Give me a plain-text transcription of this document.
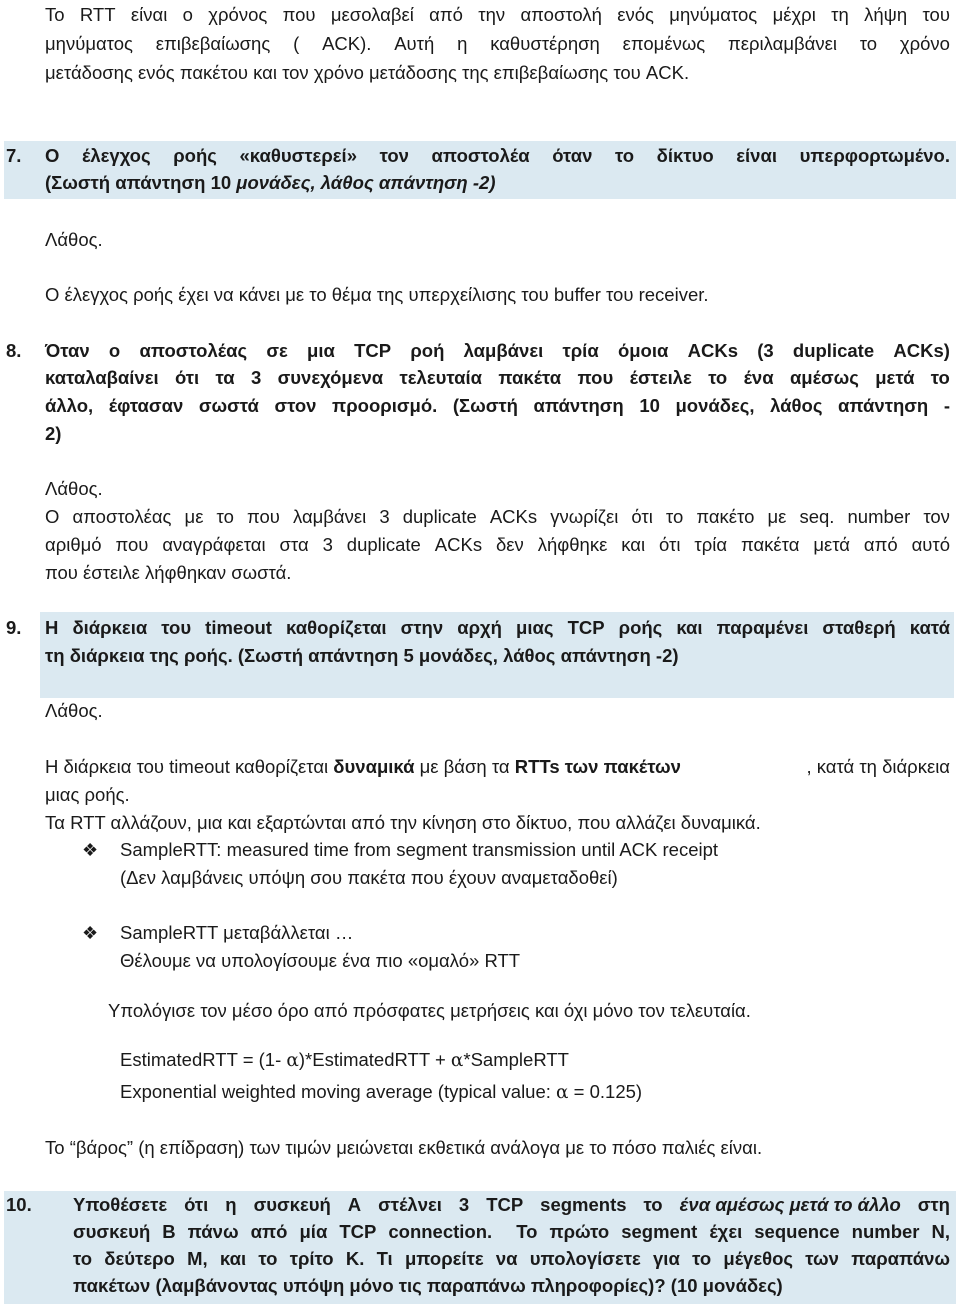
Το RTT είναι ο χρόνος που μεσολαβεί από την αποστολή ενός μηνύματος μέχρι τη λήψη του
μηνύματος επιβεβαίωσης ( ACK). Αυτή η καθυστέρηση επομένως περιλαμβάνει το χρόνο
μετάδοσης ενός πακέτου και τον χρόνο μετάδοσης της επιβεβαίωσης του ACK.
7. Ο έλεγχος ροής «καθυστερεί» τον αποστολέα όταν το δίκτυο είναι υπερφορτωμένο.
(Σωστή απάντηση 10 μονάδες, λάθος απάντηση -2)
Λάθος.
Ο έλεγχος ροής έχει να κάνει με το θέμα της υπερχείλισης του buffer του receiver.
8. Όταν ο αποστολέας σε μια TCP ροή λαμβάνει τρία όμοια ACKs (3 duplicate ACKs)
καταλαβαίνει ότι τα 3 συνεχόμενα τελευταία πακέτα που έστειλε το ένα αμέσως μετά το
άλλο, έφτασαν σωστά στον προορισμό. (Σωστή απάντηση 10 μονάδες, λάθος απάντηση -
2)
Λάθος.
Ο αποστολέας με το που λαμβάνει 3 duplicate ACKs γνωρίζει ότι το πακέτο με seq. number τον
αριθμό που αναγράφεται στα 3 duplicate ACKs δεν λήφθηκε και ότι τρία πακέτα μετά από αυτό
που έστειλε λήφθηκαν σωστά.
9. Η διάρκεια του timeout καθορίζεται στην αρχή μιας TCP ροής και παραμένει σταθερή κατά
τη διάρκεια της ροής. (Σωστή απάντηση 5 μονάδες, λάθος απάντηση -2)
Λάθος.
Η διάρκεια του timeout καθορίζεται δυναμικά με βάση τα RTTs των πακέτων	, κατά τη διάρκεια
μιας ροής.
Τα RTT αλλάζουν, μια και εξαρτώνται από την κίνηση στο δίκτυο, που αλλάζει δυναμικά.
❖ SampleRTT: measured time from segment transmission until ACK receipt
(Δεν λαμβάνεις υπόψη σου πακέτα που έχουν αναμεταδοθεί)
❖ SampleRTT μεταβάλλεται …
Θέλουμε να υπολογίσουμε ένα πιο «ομαλό» RTT
Υπολόγισε τον μέσο όρο από πρόσφατες μετρήσεις και όχι μόνο τον τελευταία.
EstimatedRTT = (1- α)*EstimatedRTT + α*SampleRTT
Exponential weighted moving average (typical value: α = 0.125)
Το “βάρος” (η επίδραση) των τιμών μειώνεται εκθετικά ανάλογα με το πόσο παλιές είναι.
10. Υποθέσετε ότι η συσκευή A στέλνει 3 TCP segments το ένα αμέσως μετά το άλλο στη
συσκευή B πάνω από μία TCP connection. Το πρώτο segment έχει sequence number N,
το δεύτερο M, και το τρίτο K. Τι μπορείτε να υπολογίσετε για το μέγεθος των παραπάνω
πακέτων (λαμβάνοντας υπόψη μόνο τις παραπάνω πληροφορίες)? (10 μονάδες)
